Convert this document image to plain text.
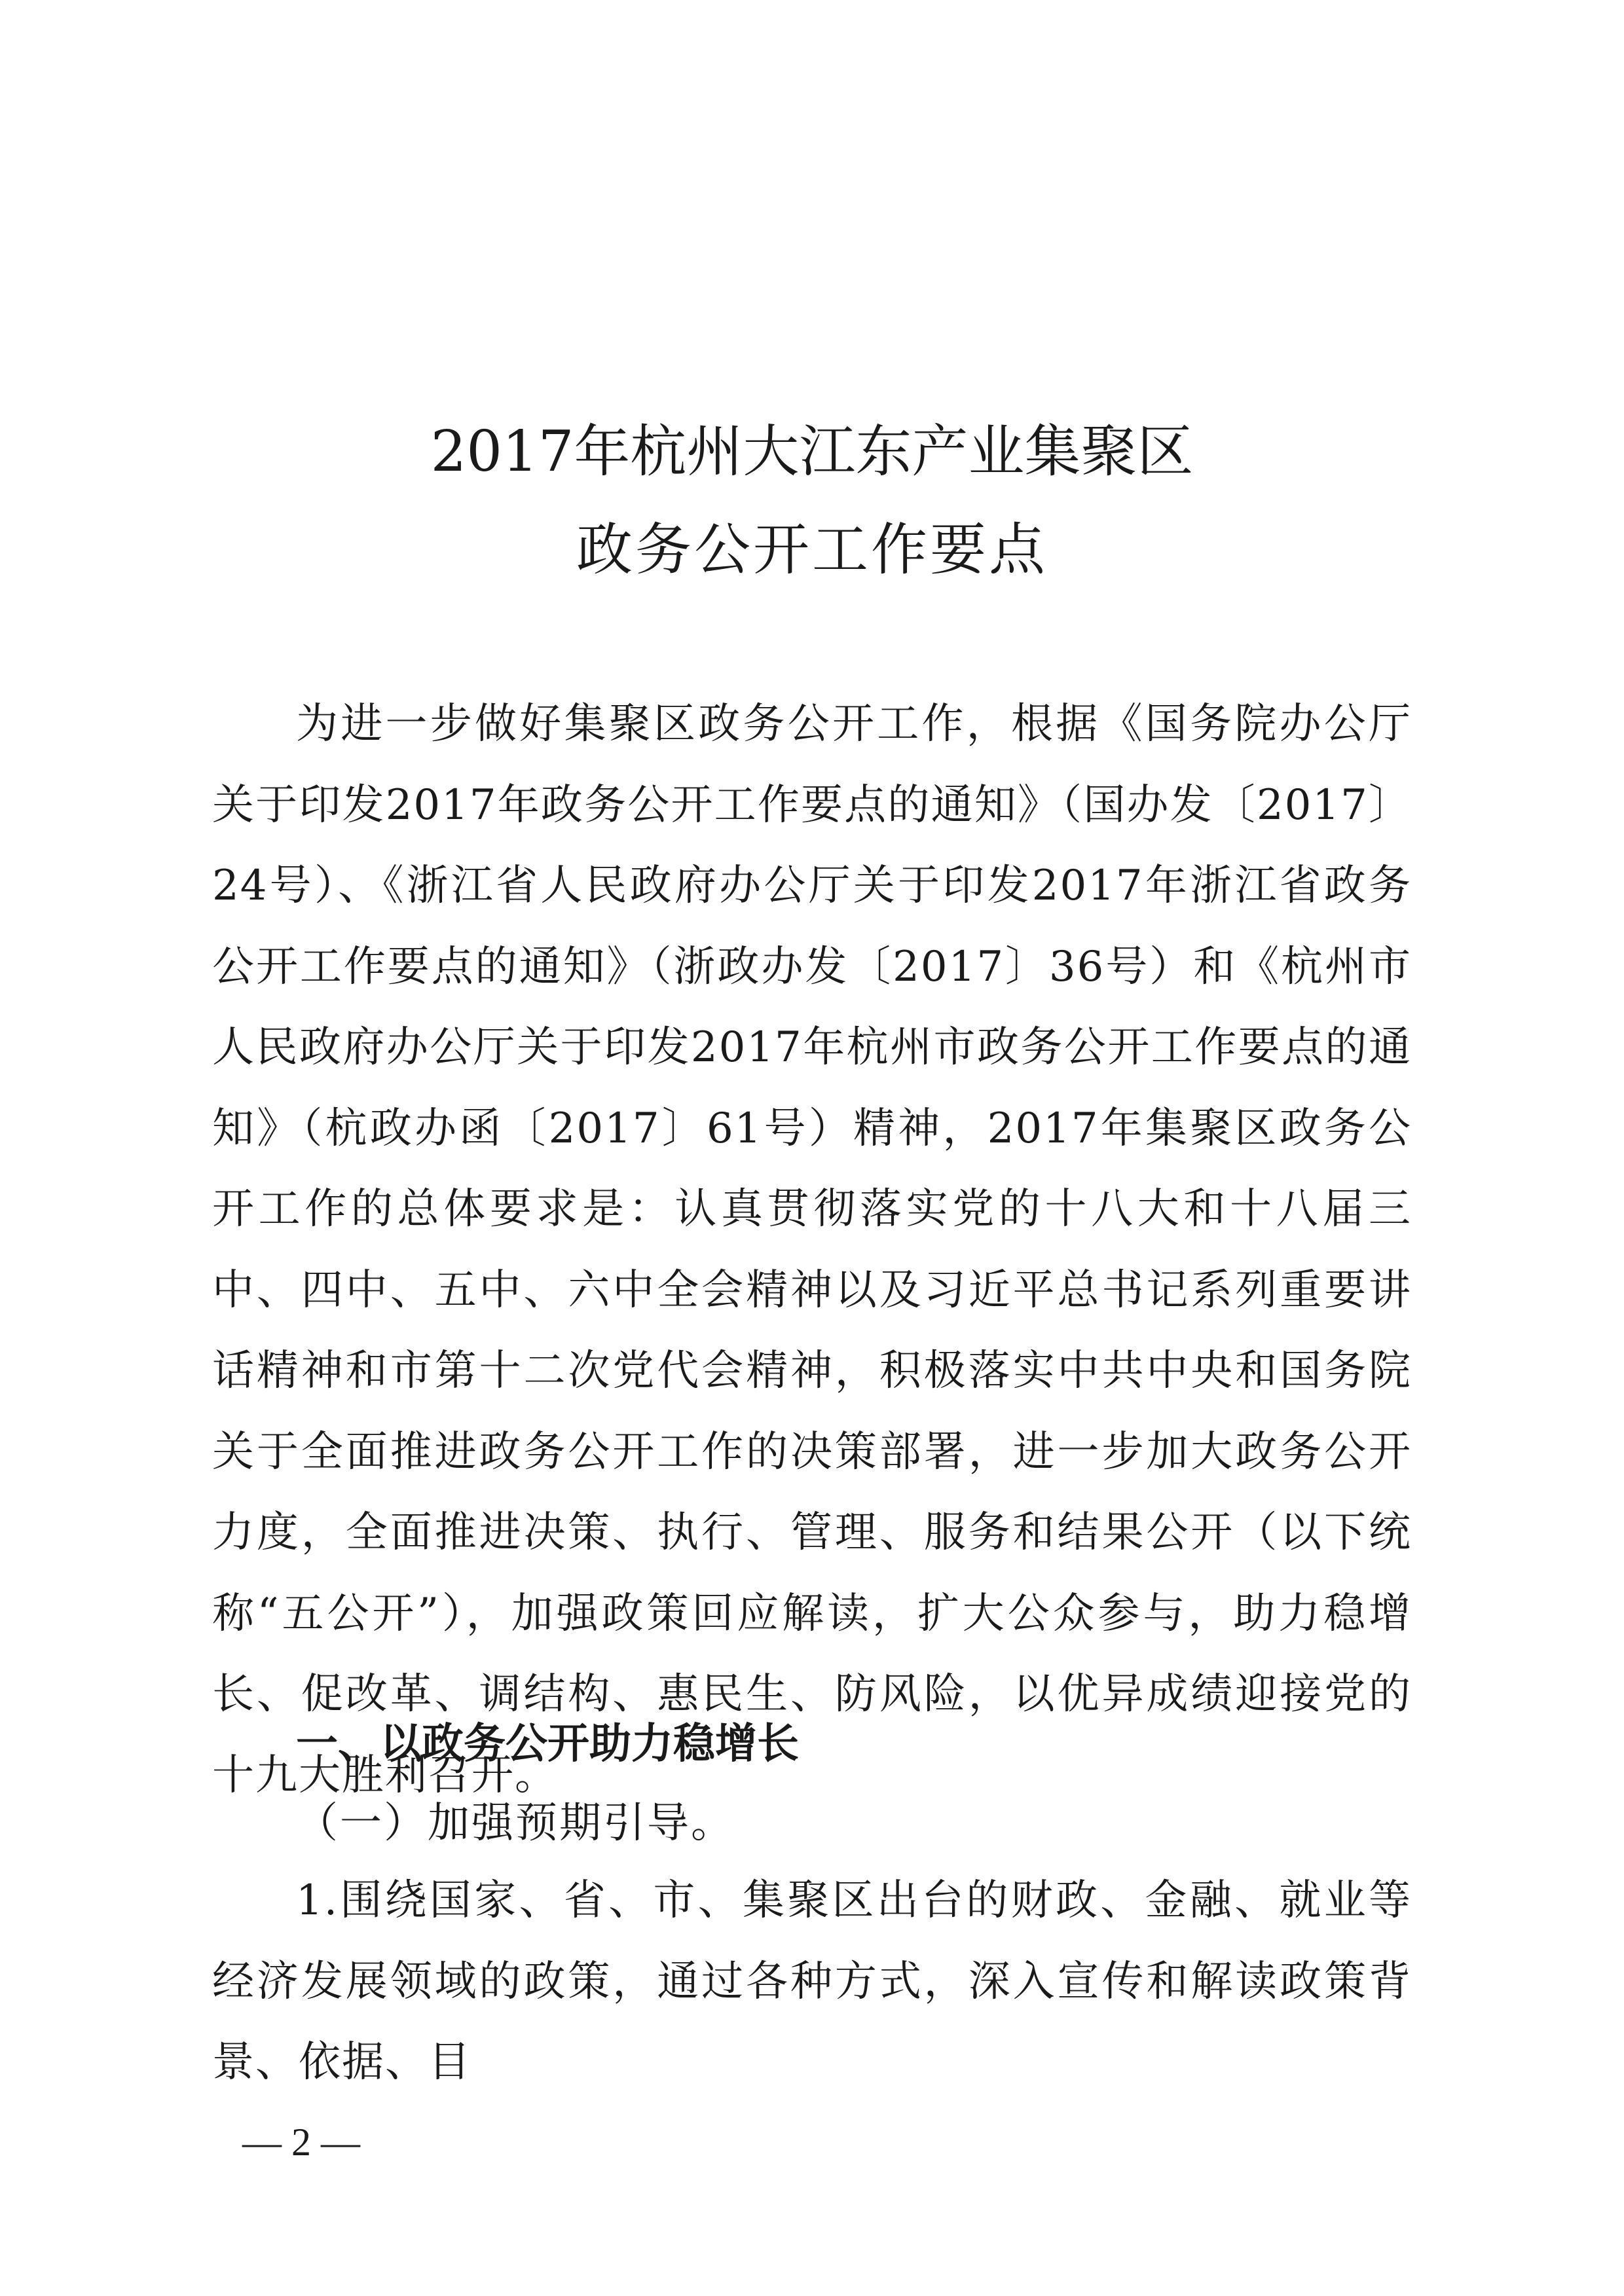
2017年杭州大江东产业集聚区
政务公开工作要点

为进一步做好集聚区政务公开工作，根据《国务院办公厅关于印发2017年政务公开工作要点的通知》（国办发〔2017〕24号）、《浙江省人民政府办公厅关于印发2017年浙江省政务公开工作要点的通知》（浙政办发〔2017〕36号）和《杭州市人民政府办公厅关于印发2017年杭州市政务公开工作要点的通知》（杭政办函〔2017〕61号）精神，2017年集聚区政务公开工作的总体要求是：认真贯彻落实党的十八大和十八届三中、四中、五中、六中全会精神以及习近平总书记系列重要讲话精神和市第十二次党代会精神，积极落实中共中央和国务院关于全面推进政务公开工作的决策部署，进一步加大政务公开力度，全面推进决策、执行、管理、服务和结果公开（以下统称“五公开”），加强政策回应解读，扩大公众参与，助力稳增长、促改革、调结构、惠民生、防风险，以优异成绩迎接党的十九大胜利召开。

一、以政务公开助力稳增长

（一）加强预期引导。

1.围绕国家、省、市、集聚区出台的财政、金融、就业等经济发展领域的政策，通过各种方式，深入宣传和解读政策背景、依据、目

— 2 —
